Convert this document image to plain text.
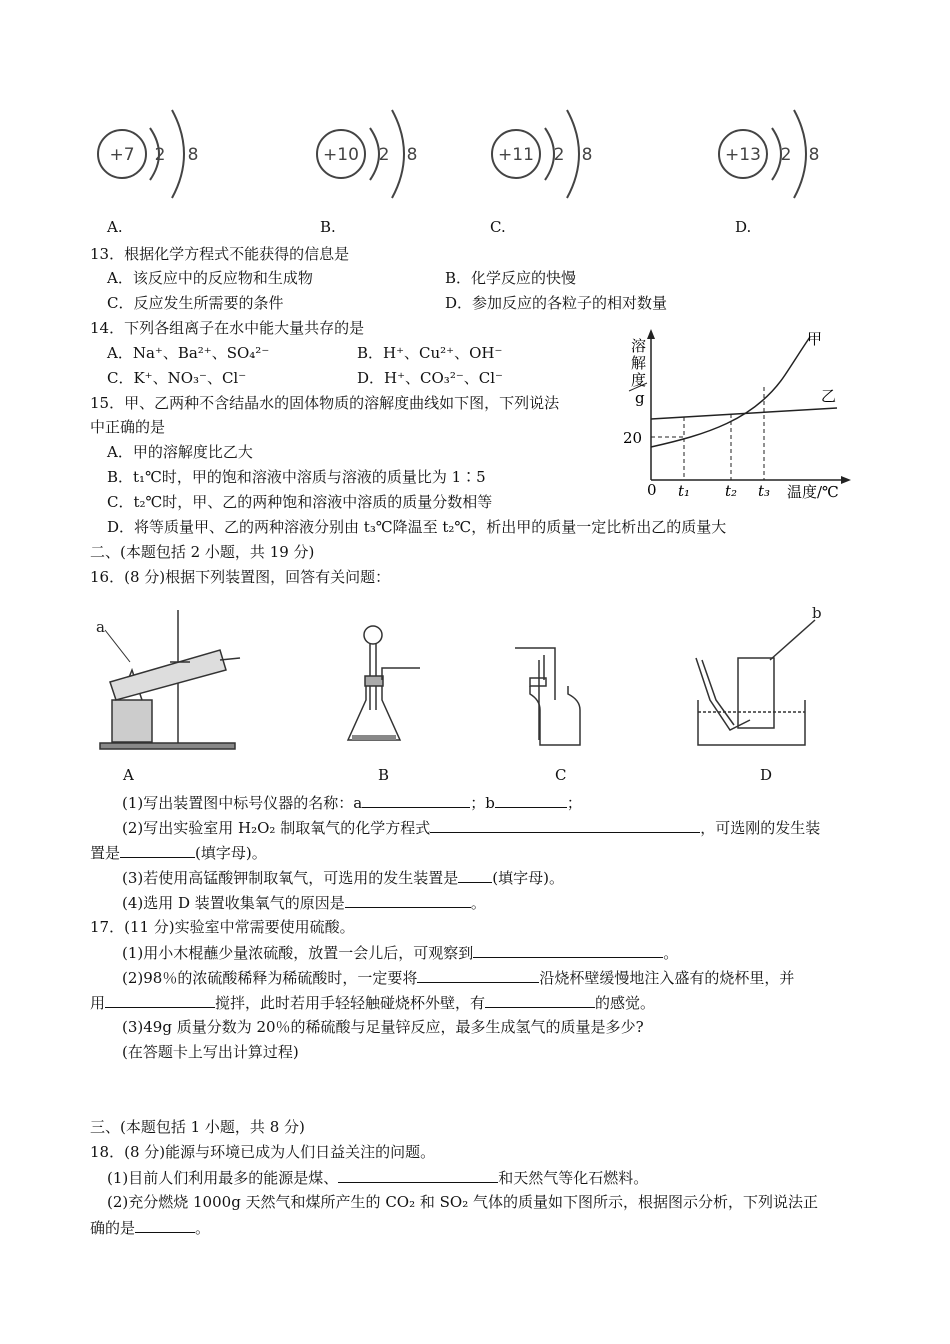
+7 2 8	+10 2 8	+11 2 8	+13 2 8
A.	B.	C.	D.
13．根据化学方程式不能获得的信息是
A．该反应中的反应物和生成物	B．化学反应的快慢
C．反应发生所需要的条件	D．参加反应的各粒子的相对数量
14．下列各组离子在水中能大量共存的是
A．Na⁺、Ba²⁺、SO₄²⁻	B．H⁺、Cu²⁺、OH⁻
C．K⁺、NO₃⁻、Cl⁻	D．H⁺、CO₃²⁻、Cl⁻
溶
解
度
g
20
0 t₁ t₂ t₃ 温度/℃
甲
乙
15．甲、乙两种不含结晶水的固体物质的溶解度曲线如下图，下列说法
中正确的是
A．甲的溶解度比乙大
B．t₁℃时，甲的饱和溶液中溶质与溶液的质量比为 1∶5
C．t₂℃时，甲、乙的两种饱和溶液中溶质的质量分数相等
D．将等质量甲、乙的两种溶液分别由 t₃℃降温至 t₂℃，析出甲的质量一定比析出乙的质量大
二、(本题包括 2 小题，共 19 分)
16．(8 分)根据下列装置图，回答有关问题：
a
b
A	B	C	D
(1)写出装置图中标号仪器的名称：a	；b	；
(2)写出实验室用 H₂O₂ 制取氧气的化学方程式	，可选刚的发生装
置是	(填字母)。
(3)若使用高锰酸钾制取氧气，可选用的发生装置是 (填字母)。
(4)选用 D 装置收集氧气的原因是	。
17．(11 分)实验室中常需要使用硫酸。
(1)用小木棍蘸少量浓硫酸，放置一会儿后，可观察到	。
(2)98％的浓硫酸稀释为稀硫酸时，一定要将	沿烧杯壁缓慢地注入盛有的烧杯里，并
用	搅拌，此时若用手轻轻触碰烧杯外壁，有	的感觉。
(3)49g 质量分数为 20％的稀硫酸与足量锌反应，最多生成氢气的质量是多少?
(在答题卡上写出计算过程)
三、(本题包括 1 小题，共 8 分)
18．(8 分)能源与环境已成为人们日益关注的问题。
(1)目前人们利用最多的能源是煤、	和天然气等化石燃料。
(2)充分燃烧 1000g 天然气和煤所产生的 CO₂ 和 SO₂ 气体的质量如下图所示，根据图示分析，下列说法正
确的是	。
